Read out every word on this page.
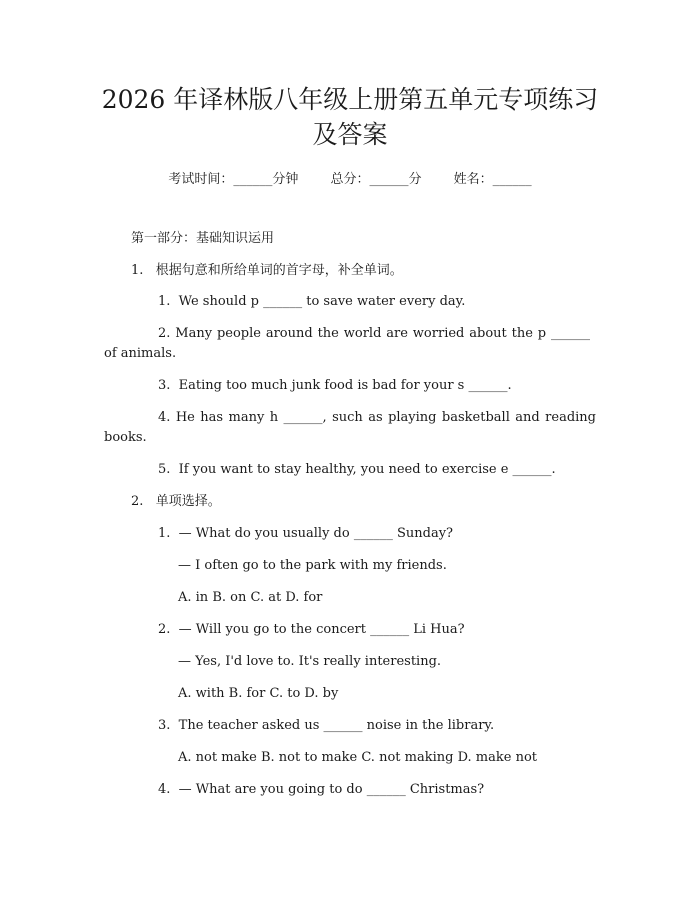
2026 年译林版八年级上册第五单元专项练习
及答案
考试时间：______分钟 总分：______分 姓名：______
第一部分：基础知识运用
1.   根据句意和所给单词的首字母，补全单词。
1.  We should p ______ to save water every day.
2. Many people around the world are worried about the p ______
of animals.
3.  Eating too much junk food is bad for your s ______.
4. He has many h ______, such as playing basketball and reading
books.
5.  If you want to stay healthy, you need to exercise e ______.
2.   单项选择。
1.  — What do you usually do ______ Sunday?
— I often go to the park with my friends.
A. in B. on C. at D. for
2.  — Will you go to the concert ______ Li Hua?
— Yes, I'd love to. It's really interesting.
A. with B. for C. to D. by
3.  The teacher asked us ______ noise in the library.
A. not make B. not to make C. not making D. make not
4.  — What are you going to do ______ Christmas?
